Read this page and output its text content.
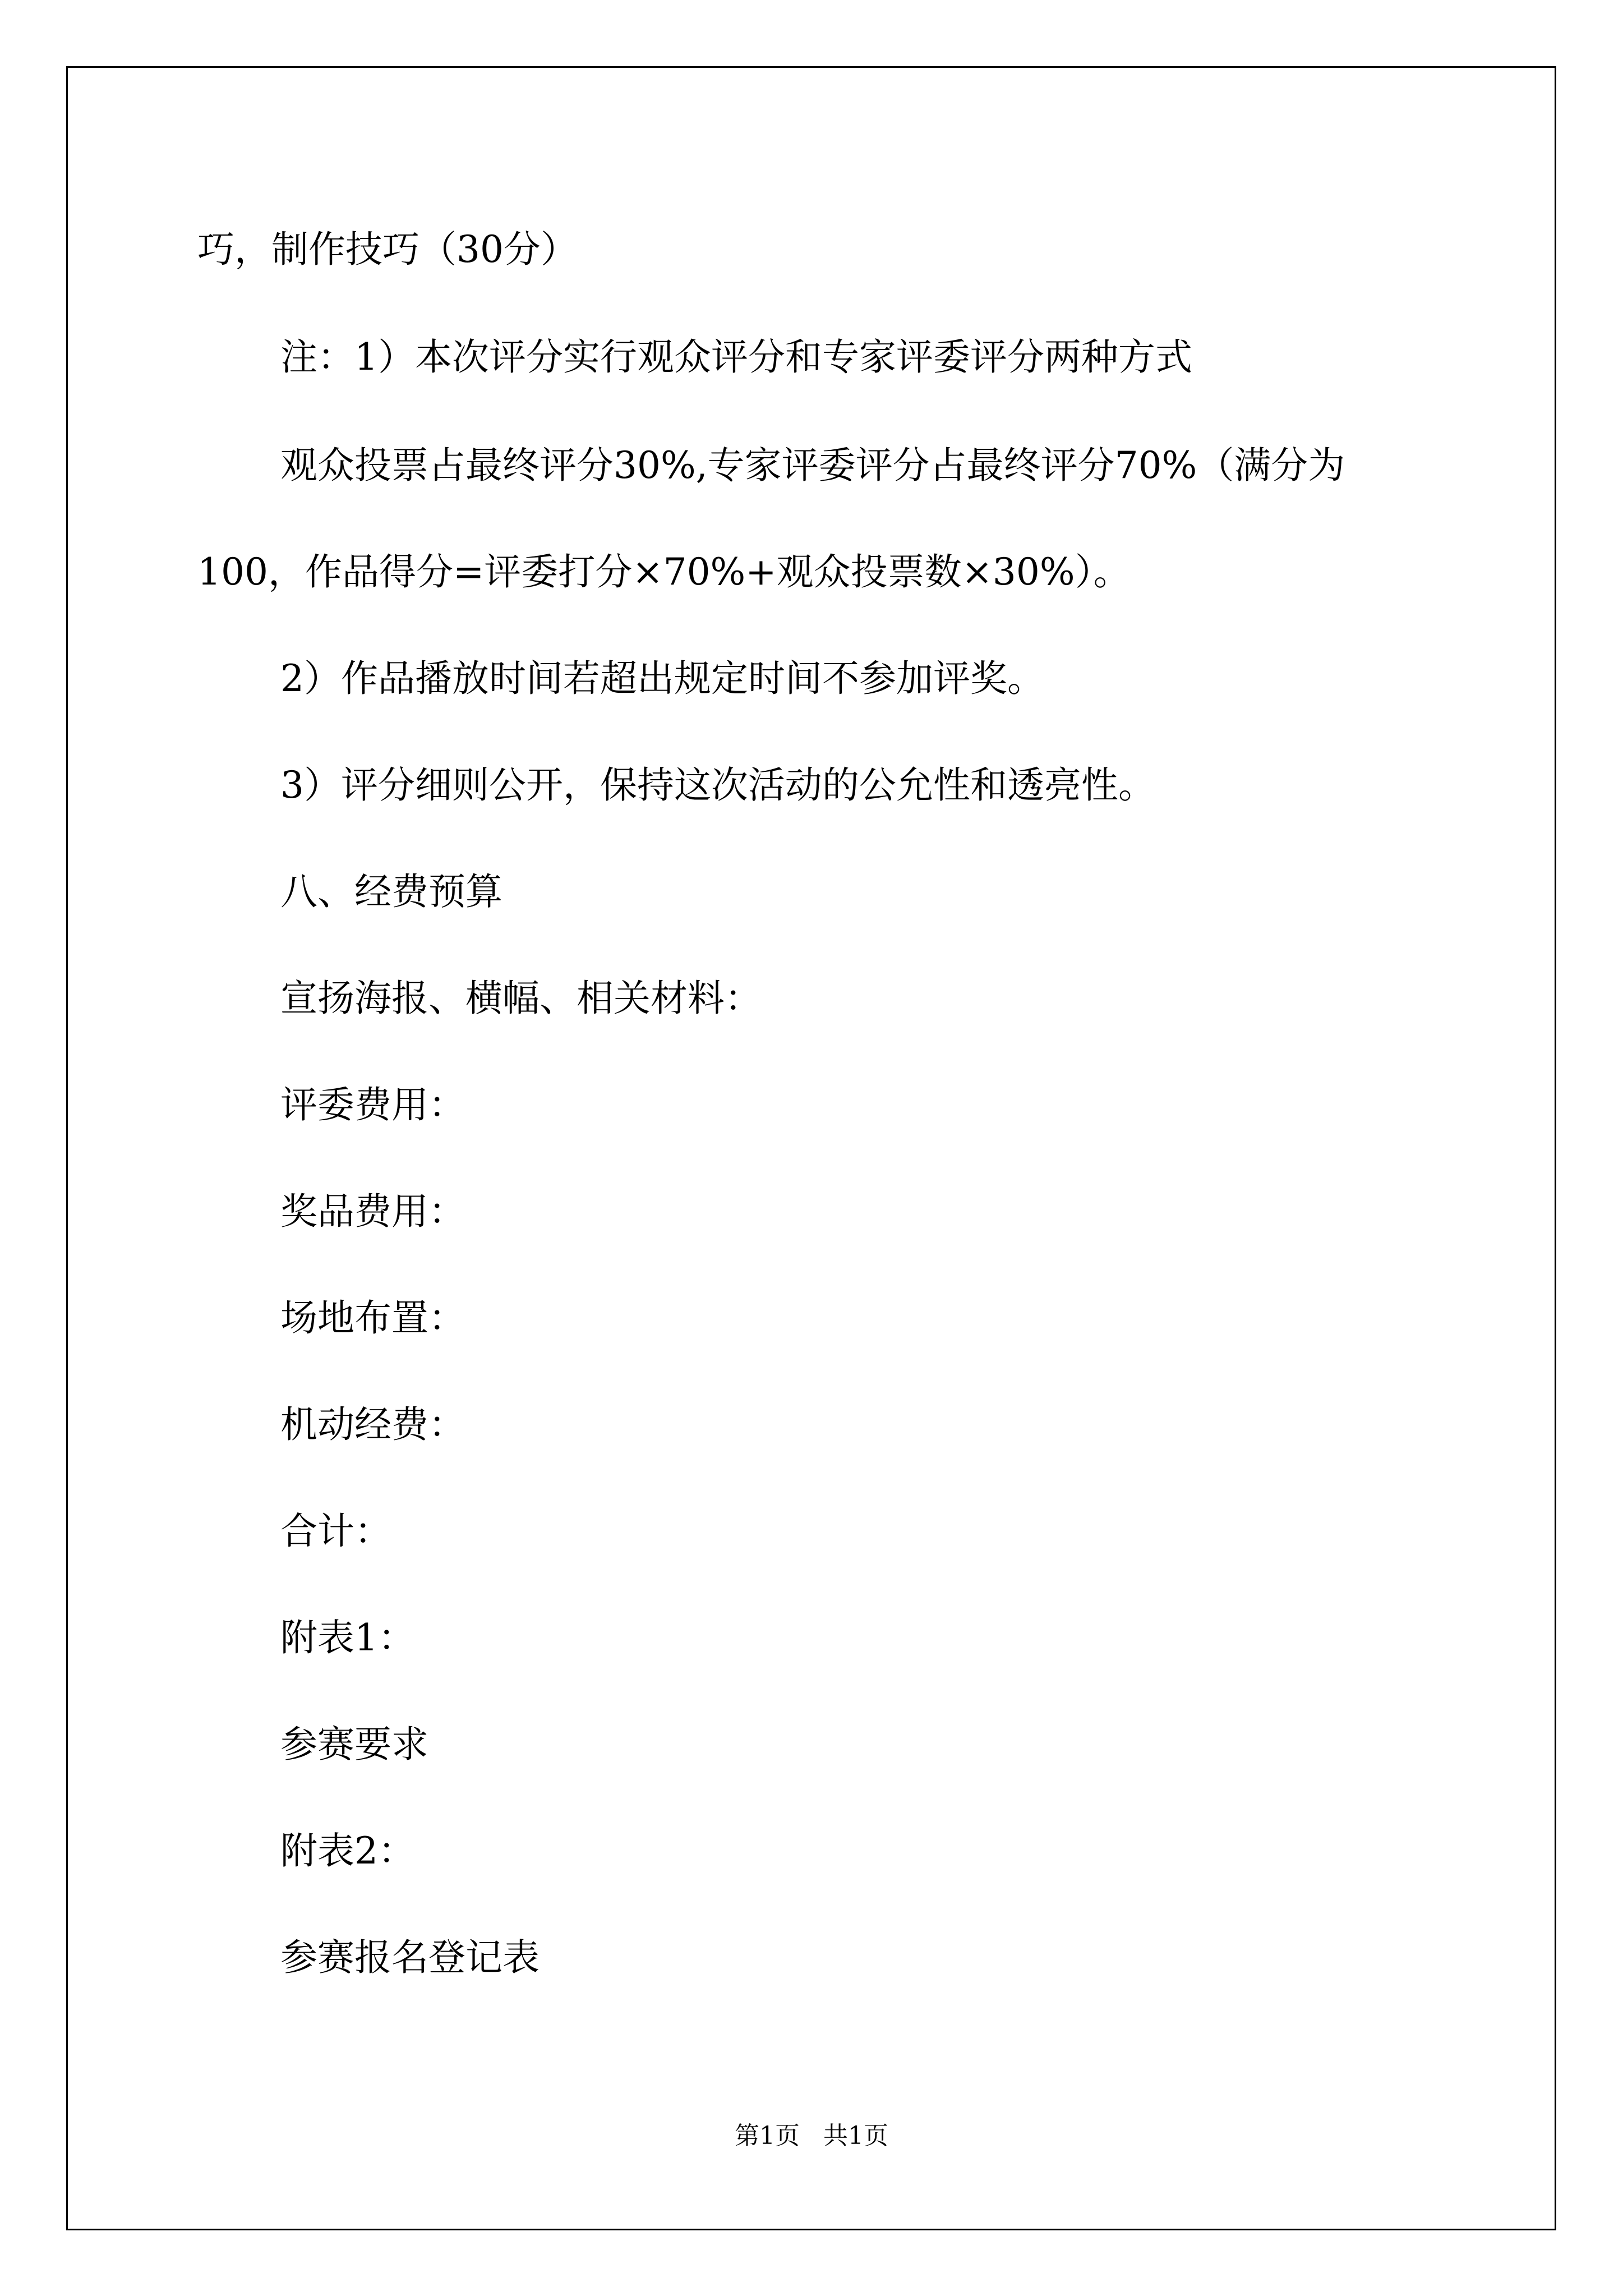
巧，制作技巧（30分）
注：1）本次评分实行观众评分和专家评委评分两种方式
观众投票占最终评分30%,专家评委评分占最终评分70%（满分为
100，作品得分=评委打分×70%+观众投票数×30%）。
2）作品播放时间若超出规定时间不参加评奖。
3）评分细则公开，保持这次活动的公允性和透亮性。
八、经费预算
宣扬海报、横幅、相关材料：
评委费用：
奖品费用：
场地布置：
机动经费：
合计：
附表1：
参赛要求
附表2：
参赛报名登记表
第1页   共1页
